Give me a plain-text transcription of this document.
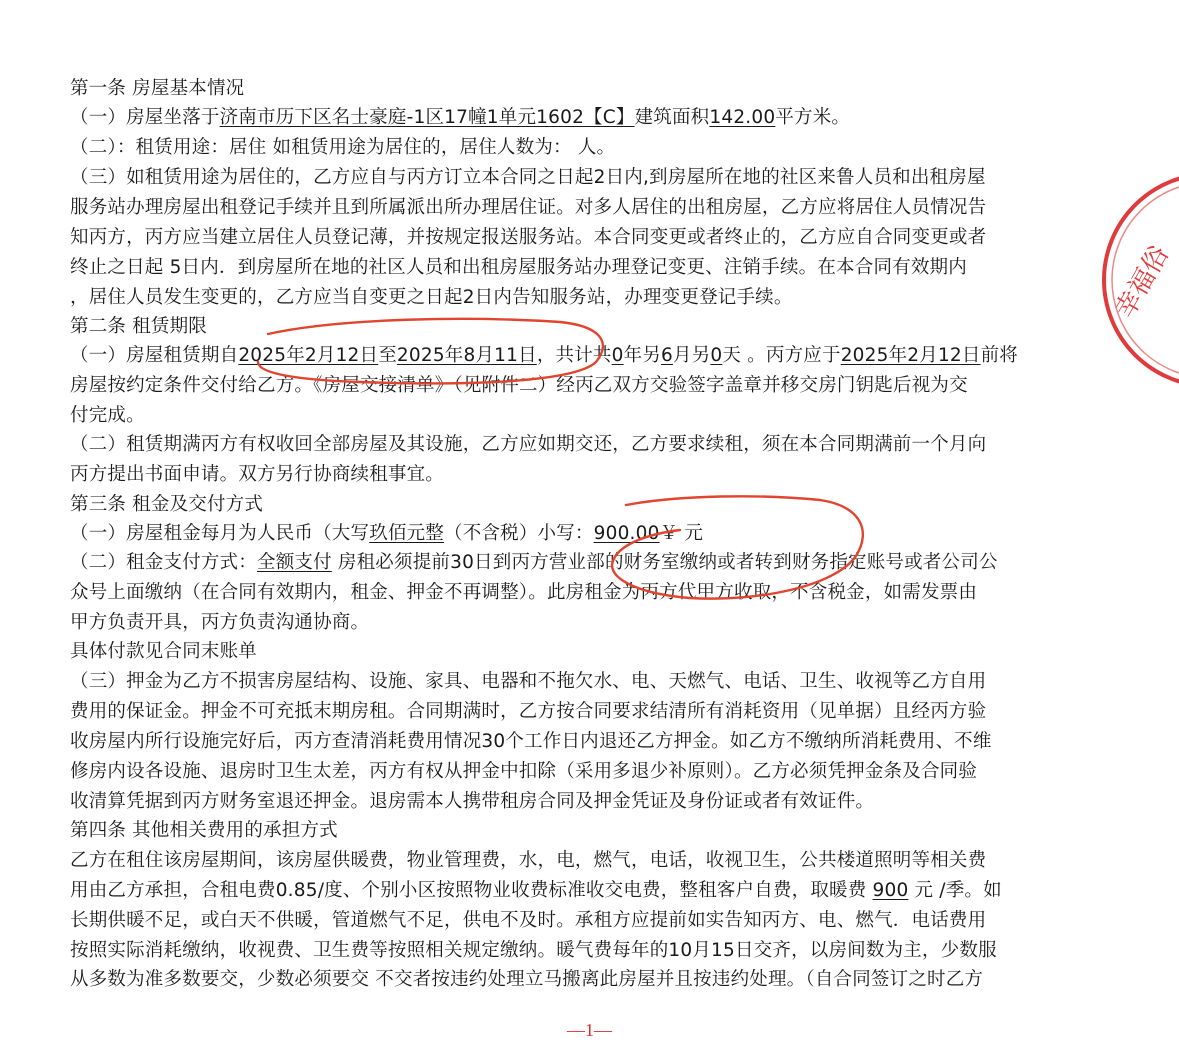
第一条 房屋基本情况
（一）房屋坐落于济南市历下区名士豪庭-1区17幢1单元1602【C】建筑面积142.00平方米。
（二）：租赁用途：居住 如租赁用途为居住的，居住人数为： 人。
（三）如租赁用途为居住的，乙方应自与丙方订立本合同之日起2日内,到房屋所在地的社区来鲁人员和出租房屋
服务站办理房屋出租登记手续并且到所属派出所办理居住证。对多人居住的出租房屋，乙方应将居住人员情况告
知丙方，丙方应当建立居住人员登记薄，并按规定报送服务站。本合同变更或者终止的，乙方应自合同变更或者
终止之日起 5日内．到房屋所在地的社区人员和出租房屋服务站办理登记变更、注销手续。在本合同有效期内
，居住人员发生变更的，乙方应当自变更之日起2日内告知服务站，办理变更登记手续。
第二条 租赁期限
（一）房屋租赁期自2025年2月12日至2025年8月11日，共计共0年另6月另0天 。丙方应于2025年2月12日前将
房屋按约定条件交付给乙方。《房屋交接清单》（见附件二）经丙乙双方交验签字盖章并移交房门钥匙后视为交
付完成。
（二）租赁期满丙方有权收回全部房屋及其设施，乙方应如期交还，乙方要求续租，须在本合同期满前一个月向
丙方提出书面申请。双方另行协商续租事宜。
第三条 租金及交付方式
（一）房屋租金每月为人民币（大写玖佰元整（不含税）小写：900.00￥ 元
（二）租金支付方式：全额支付 房租必须提前30日到丙方营业部的财务室缴纳或者转到财务指定账号或者公司公
众号上面缴纳（在合同有效期内，租金、押金不再调整）。此房租金为丙方代甲方收取，不含税金，如需发票由
甲方负责开具，丙方负责沟通协商。
具体付款见合同末账单
（三）押金为乙方不损害房屋结构、设施、家具、电器和不拖欠水、电、天燃气、电话、卫生、收视等乙方自用
费用的保证金。押金不可充抵末期房租。合同期满时，乙方按合同要求结清所有消耗资用（见单据）且经丙方验
收房屋内所行设施完好后，丙方查清消耗费用情况30个工作日内退还乙方押金。如乙方不缴纳所消耗费用、不维
修房内设各设施、退房时卫生太差，丙方有权从押金中扣除（采用多退少补原则）。乙方必须凭押金条及合同验
收清算凭据到丙方财务室退还押金。退房需本人携带租房合同及押金凭证及身份证或者有效证件。
第四条 其他相关费用的承担方式
乙方在租住该房屋期间，该房屋供暖费，物业管理费，水，电，燃气，电话，收视卫生，公共楼道照明等相关费
用由乙方承担，合租电费0.85/度、个别小区按照物业收费标准收交电费，整租客户自费，取暖费 900 元 /季。如
长期供暖不足，或白天不供暖，管道燃气不足，供电不及时。承租方应提前如实告知丙方、电、燃气．电话费用
按照实际消耗缴纳，收视费、卫生费等按照相关规定缴纳。暖气费每年的10月15日交齐，以房间数为主，少数服
从多数为准多数要交，少数必须要交 不交者按违约处理立马搬离此房屋并且按违约处理。（自合同签订之时乙方
幸福俗
—1—
